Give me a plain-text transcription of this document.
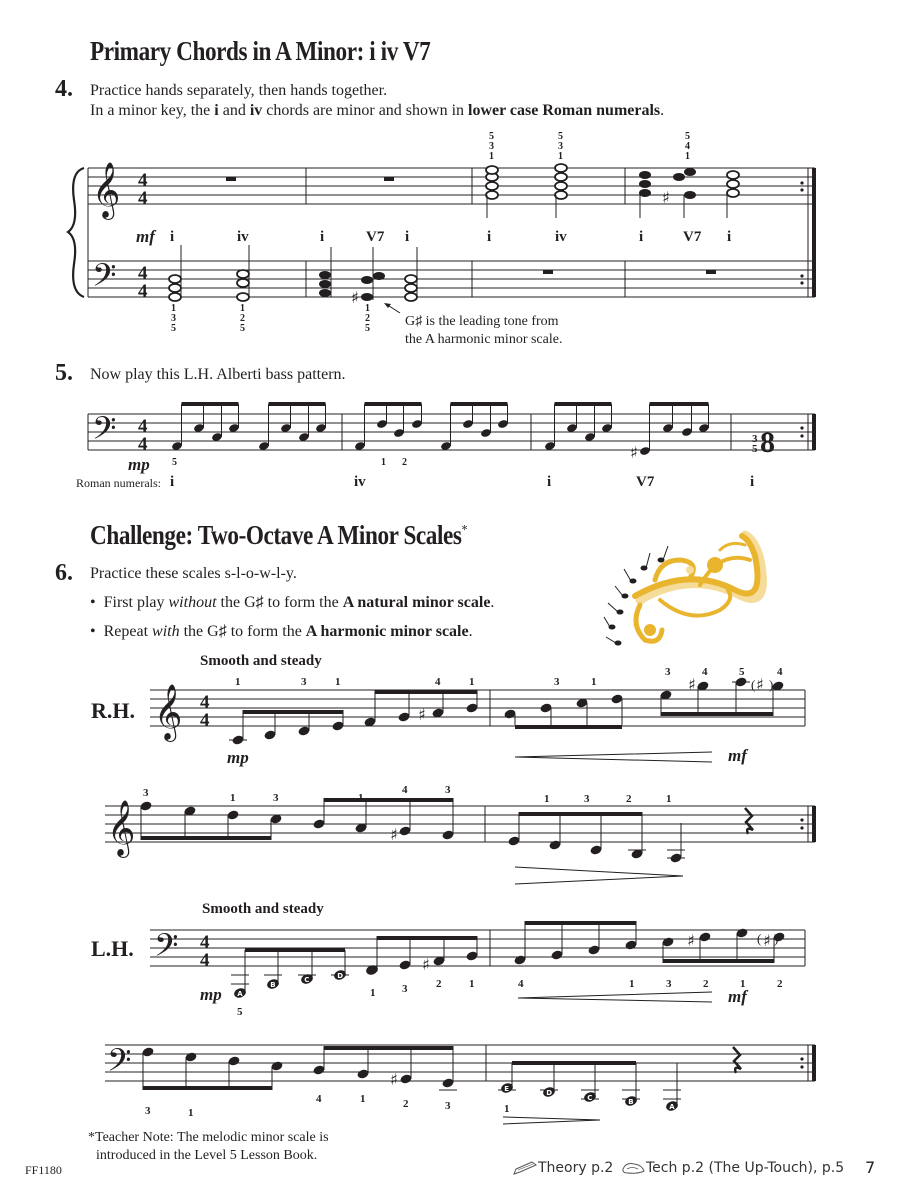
Primary Chords in A Minor: i iv V7
4. Practice hands separately, then hands together.
In a minor key, the i and iv chords are minor and shown in lower case Roman numerals.
𝄞
𝄢
4
4
4
4	♯
♯
mf i	iv	i	V7 i	i	iv	i	V7 i
1
3
5
1
2
5
1
2
5
5
3
1
5
3
1
5
4
1
G♯ is the leading tone from
the A harmonic minor scale.
5. Now play this L.H. Alberti bass pattern.
𝄢 4
4	♯
3
5 8
mp
Roman numerals: i	iv	i	V7	i
5	1 2
Challenge: Two-Octave A Minor Scales*
6. Practice these scales s-l-o-w-l-y.
•  First play without the G♯ to form the A natural minor scale.
•  Repeat with the G♯ to form the A harmonic minor scale.
Smooth and steady
R.H. 𝄞 4
4
𝄞
♯
♯	♯
( )
♯
mp	mf
1	3	1	4	1	3	1
3	4	5	4
3	1	3	1
4	3
1	3	2	1
Smooth and steady
L.H. 𝄢 4
4
𝄢
A
B
C	D
♯
♯	♯
( )
♯	E	D
C	B
A
mp	mf
5
1 3	2	1	4	1	3	2	1	2
3	1
4	1	2	3	1
*Teacher Note: The melodic minor scale is
introduced in the Level 5 Lesson Book.
FF1180	Theory p.2	Tech p.2 (The Up-Touch), p.5 7
